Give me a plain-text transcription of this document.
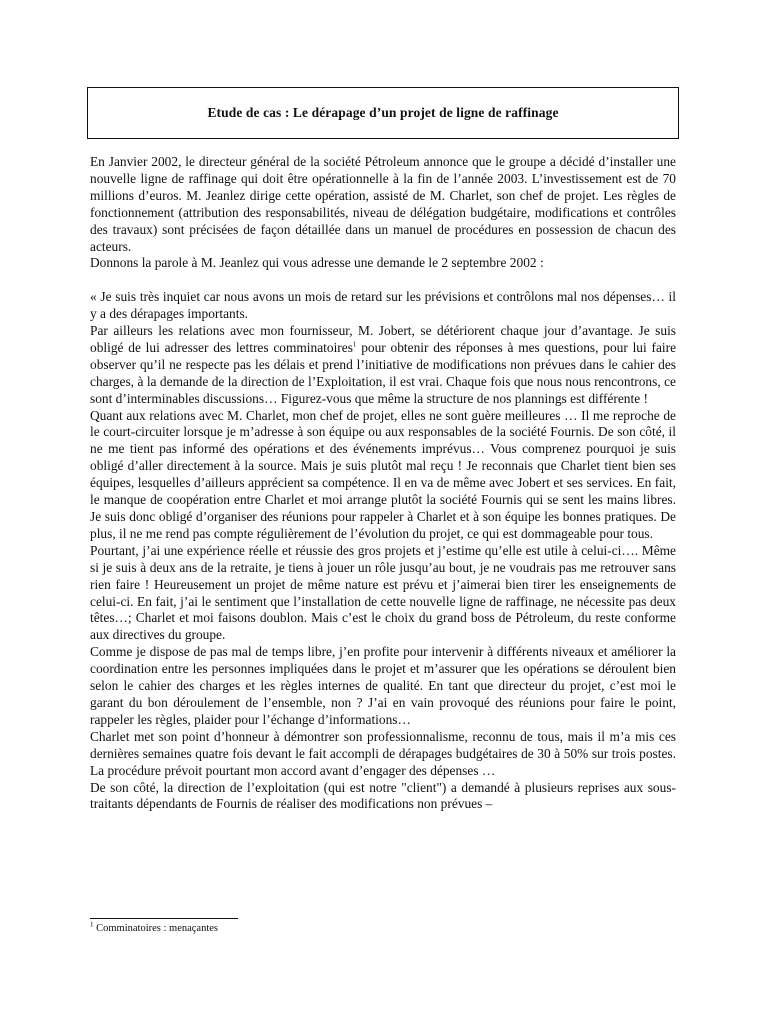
Etude de cas : Le dérapage d’un projet de ligne de raffinage

En Janvier 2002, le directeur général de la société Pétroleum annonce que le groupe a décidé d’installer une nouvelle ligne de raffinage qui doit être opérationnelle à la fin de l’année 2003. L’investissement est de 70 millions d’euros. M. Jeanlez dirige cette opération, assisté de M. Charlet, son chef de projet. Les règles de fonctionnement (attribution des responsabilités, niveau de délégation budgétaire, modifications et contrôles des travaux) sont précisées de façon détaillée dans un manuel de procédures en possession de chacun des acteurs.

Donnons la parole à M. Jeanlez qui vous adresse une demande le 2 septembre 2002 :

« Je suis très inquiet car nous avons un mois de retard sur les prévisions et contrôlons mal nos dépenses… il y a des dérapages importants.

Par ailleurs les relations avec mon fournisseur, M. Jobert, se détériorent chaque jour d’avantage. Je suis obligé de lui adresser des lettres comminatoires$^1$ pour obtenir des réponses à mes questions, pour lui faire observer qu’il ne respecte pas les délais et prend l’initiative de modifications non prévues dans le cahier des charges, à la demande de la direction de l’Exploitation, il est vrai. Chaque fois que nous nous rencontrons, ce sont d’interminables discussions… Figurez-vous que même la structure de nos plannings est différente !

Quant aux relations avec M. Charlet, mon chef de projet, elles ne sont guère meilleures … Il me reproche de le court-circuiter lorsque je m’adresse à son équipe ou aux responsables de la société Fournis. De son côté, il ne me tient pas informé des opérations et des événements imprévus… Vous comprenez pourquoi je suis obligé d’aller directement à la source. Mais je suis plutôt mal reçu ! Je reconnais que Charlet tient bien ses équipes, lesquelles d’ailleurs apprécient sa compétence. Il en va de même avec Jobert et ses services. En fait, le manque de coopération entre Charlet et moi arrange plutôt la société Fournis qui se sent les mains libres. Je suis donc obligé d’organiser des réunions pour rappeler à Charlet et à son équipe les bonnes pratiques. De plus, il ne me rend pas compte régulièrement de l’évolution du projet, ce qui est dommageable pour tous.

Pourtant, j’ai une expérience réelle et réussie des gros projets et j’estime qu’elle est utile à celui-ci…. Même si je suis à deux ans de la retraite, je tiens à jouer un rôle jusqu’au bout, je ne voudrais pas me retrouver sans rien faire ! Heureusement un projet de même nature est prévu et j’aimerai bien tirer les enseignements de celui-ci. En fait, j’ai le sentiment que l’installation de cette nouvelle ligne de raffinage, ne nécessite pas deux têtes…; Charlet et moi faisons doublon. Mais c’est le choix du grand boss de Pétroleum, du reste conforme aux directives du groupe.

Comme je dispose de pas mal de temps libre, j’en profite pour intervenir à différents niveaux et améliorer la coordination entre les personnes impliquées dans le projet et m’assurer que les opérations se déroulent bien selon le cahier des charges et les règles internes de qualité. En tant que directeur du projet, c’est moi le garant du bon déroulement de l’ensemble, non ? J’ai en vain provoqué des réunions pour faire le point, rappeler les règles, plaider pour l’échange d’informations…

Charlet met son point d’honneur à démontrer son professionnalisme, reconnu de tous, mais il m’a mis ces dernières semaines quatre fois devant le fait accompli de dérapages budgétaires de 30 à 50% sur trois postes. La procédure prévoit pourtant mon accord avant d’engager des dépenses …

De son côté, la direction de l’exploitation (qui est notre "client") a demandé à plusieurs reprises aux sous-traitants dépendants de Fournis de réaliser des modifications non prévues –

$^1$ Comminatoires : menaçantes
